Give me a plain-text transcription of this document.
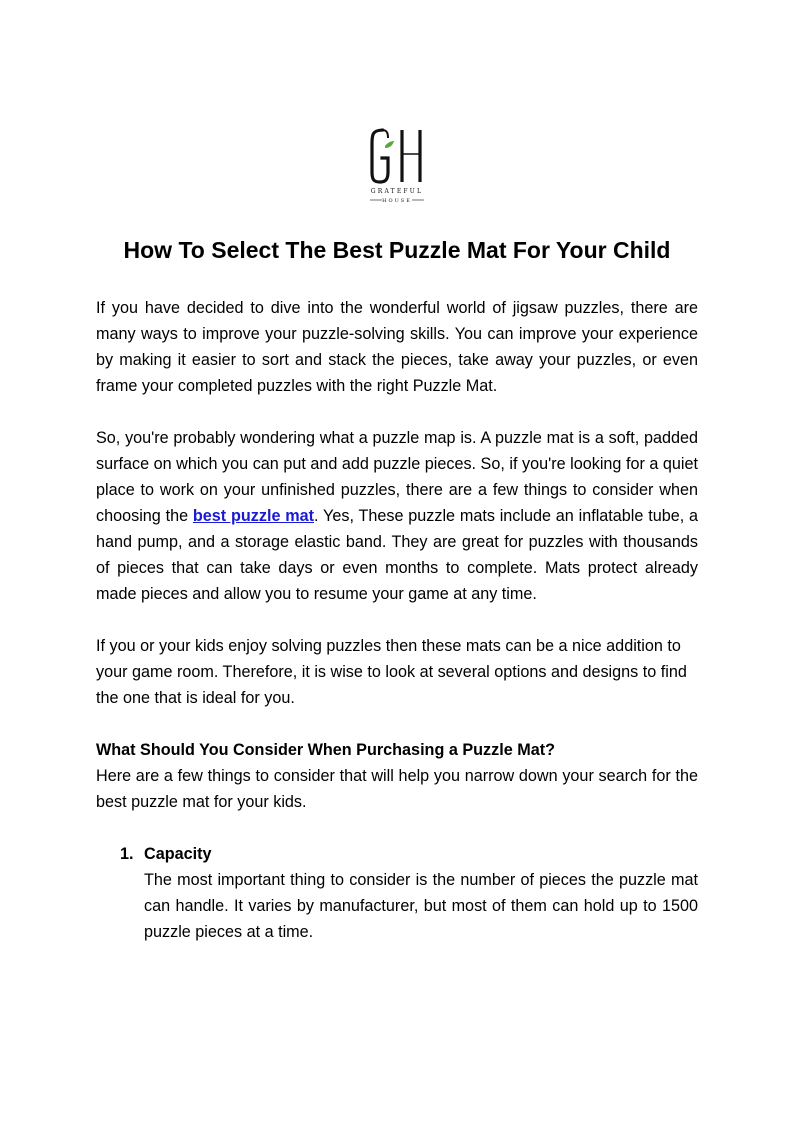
GRATEFUL
HOUSE
How To Select The Best Puzzle Mat For Your Child

If you have decided to dive into the wonderful world of jigsaw puzzles, there are many ways to improve your puzzle-solving skills. You can improve your experience by making it easier to sort and stack the pieces, take away your puzzles, or even frame your completed puzzles with the right Puzzle Mat.

So, you're probably wondering what a puzzle map is. A puzzle mat is a soft, padded surface on which you can put and add puzzle pieces. So, if you're looking for a quiet place to work on your unfinished puzzles, there are a few things to consider when choosing the best puzzle mat. Yes, These puzzle mats include an inflatable tube, a hand pump, and a storage elastic band. They are great for puzzles with thousands of pieces that can take days or even months to complete. Mats protect already made pieces and allow you to resume your game at any time.

If you or your kids enjoy solving puzzles then these mats can be a nice addition to your game room. Therefore, it is wise to look at several options and designs to find the one that is ideal for you.

What Should You Consider When Purchasing a Puzzle Mat?

Here are a few things to consider that will help you narrow down your search for the best puzzle mat for your kids.

1. Capacity

The most important thing to consider is the number of pieces the puzzle mat can handle. It varies by manufacturer, but most of them can hold up to 1500 puzzle pieces at a time.
